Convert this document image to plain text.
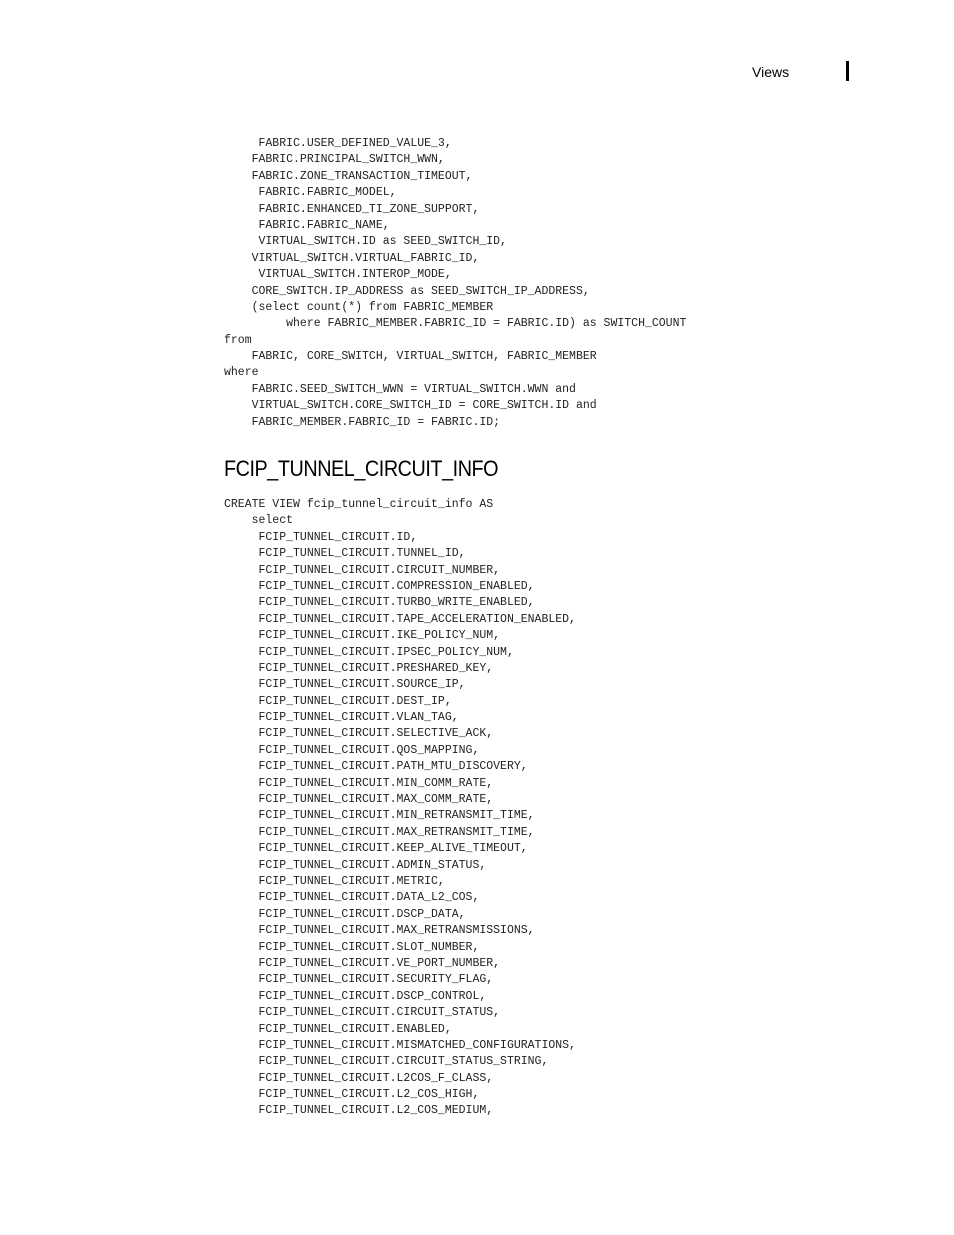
Views
FABRIC.USER_DEFINED_VALUE_3,
FABRIC.PRINCIPAL_SWITCH_WWN,
FABRIC.ZONE_TRANSACTION_TIMEOUT,
FABRIC.FABRIC_MODEL,
FABRIC.ENHANCED_TI_ZONE_SUPPORT,
FABRIC.FABRIC_NAME,
VIRTUAL_SWITCH.ID as SEED_SWITCH_ID,
VIRTUAL_SWITCH.VIRTUAL_FABRIC_ID,
VIRTUAL_SWITCH.INTEROP_MODE,
CORE_SWITCH.IP_ADDRESS as SEED_SWITCH_IP_ADDRESS,
(select count(*) from FABRIC_MEMBER
where FABRIC_MEMBER.FABRIC_ID = FABRIC.ID) as SWITCH_COUNT
from
FABRIC, CORE_SWITCH, VIRTUAL_SWITCH, FABRIC_MEMBER
where
FABRIC.SEED_SWITCH_WWN = VIRTUAL_SWITCH.WWN and
VIRTUAL_SWITCH.CORE_SWITCH_ID = CORE_SWITCH.ID and
FABRIC_MEMBER.FABRIC_ID = FABRIC.ID;
FCIP_TUNNEL_CIRCUIT_INFO
CREATE VIEW fcip_tunnel_circuit_info AS
select
FCIP_TUNNEL_CIRCUIT.ID,
FCIP_TUNNEL_CIRCUIT.TUNNEL_ID,
FCIP_TUNNEL_CIRCUIT.CIRCUIT_NUMBER,
FCIP_TUNNEL_CIRCUIT.COMPRESSION_ENABLED,
FCIP_TUNNEL_CIRCUIT.TURBO_WRITE_ENABLED,
FCIP_TUNNEL_CIRCUIT.TAPE_ACCELERATION_ENABLED,
FCIP_TUNNEL_CIRCUIT.IKE_POLICY_NUM,
FCIP_TUNNEL_CIRCUIT.IPSEC_POLICY_NUM,
FCIP_TUNNEL_CIRCUIT.PRESHARED_KEY,
FCIP_TUNNEL_CIRCUIT.SOURCE_IP,
FCIP_TUNNEL_CIRCUIT.DEST_IP,
FCIP_TUNNEL_CIRCUIT.VLAN_TAG,
FCIP_TUNNEL_CIRCUIT.SELECTIVE_ACK,
FCIP_TUNNEL_CIRCUIT.QOS_MAPPING,
FCIP_TUNNEL_CIRCUIT.PATH_MTU_DISCOVERY,
FCIP_TUNNEL_CIRCUIT.MIN_COMM_RATE,
FCIP_TUNNEL_CIRCUIT.MAX_COMM_RATE,
FCIP_TUNNEL_CIRCUIT.MIN_RETRANSMIT_TIME,
FCIP_TUNNEL_CIRCUIT.MAX_RETRANSMIT_TIME,
FCIP_TUNNEL_CIRCUIT.KEEP_ALIVE_TIMEOUT,
FCIP_TUNNEL_CIRCUIT.ADMIN_STATUS,
FCIP_TUNNEL_CIRCUIT.METRIC,
FCIP_TUNNEL_CIRCUIT.DATA_L2_COS,
FCIP_TUNNEL_CIRCUIT.DSCP_DATA,
FCIP_TUNNEL_CIRCUIT.MAX_RETRANSMISSIONS,
FCIP_TUNNEL_CIRCUIT.SLOT_NUMBER,
FCIP_TUNNEL_CIRCUIT.VE_PORT_NUMBER,
FCIP_TUNNEL_CIRCUIT.SECURITY_FLAG,
FCIP_TUNNEL_CIRCUIT.DSCP_CONTROL,
FCIP_TUNNEL_CIRCUIT.CIRCUIT_STATUS,
FCIP_TUNNEL_CIRCUIT.ENABLED,
FCIP_TUNNEL_CIRCUIT.MISMATCHED_CONFIGURATIONS,
FCIP_TUNNEL_CIRCUIT.CIRCUIT_STATUS_STRING,
FCIP_TUNNEL_CIRCUIT.L2COS_F_CLASS,
FCIP_TUNNEL_CIRCUIT.L2_COS_HIGH,
FCIP_TUNNEL_CIRCUIT.L2_COS_MEDIUM,
